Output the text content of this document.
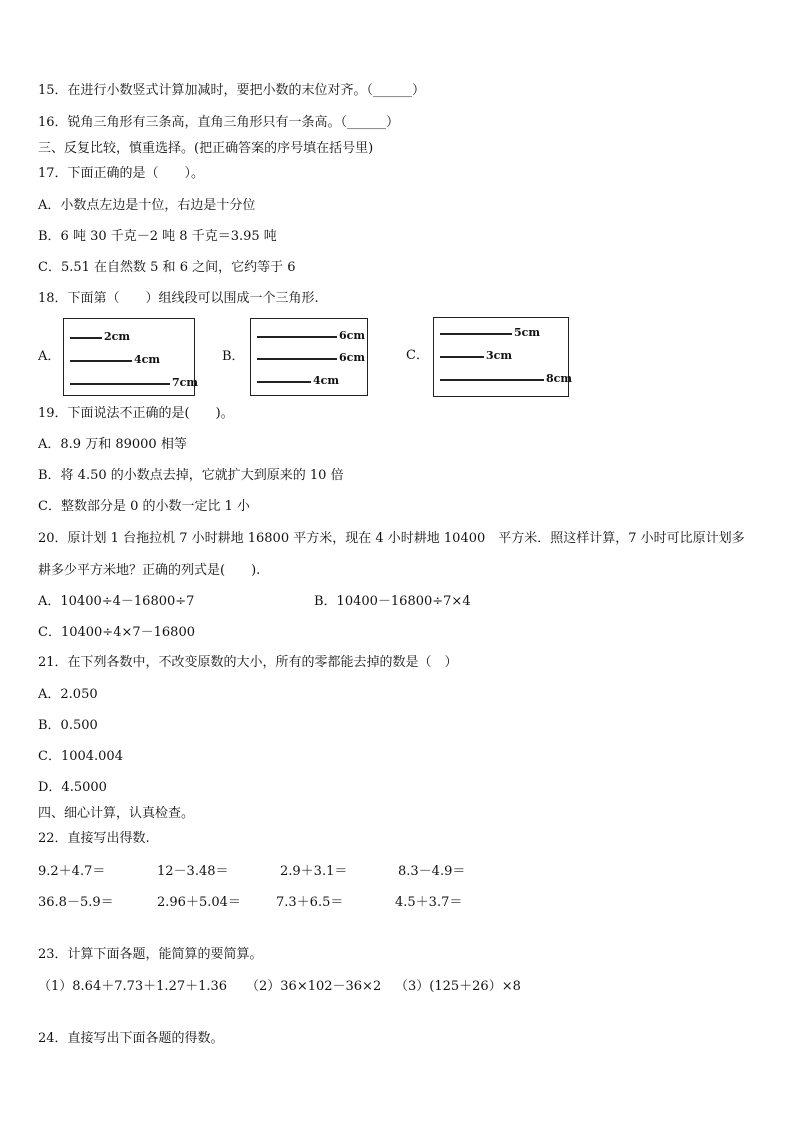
15．在进行小数竖式计算加减时，要把小数的末位对齐。（______）
16．锐角三角形有三条高，直角三角形只有一条高。（______）
三、反复比较，慎重选择。(把正确答案的序号填在括号里)
17．下面正确的是（　　）。
A．小数点左边是十位，右边是十分位
B．6 吨 30 千克－2 吨 8 千克＝3.95 吨
C．5.51 在自然数 5 和 6 之间，它约等于 6
18．下面第（　　）组线段可以围成一个三角形.
A．
2cm
4cm
7cm
B．
6cm
6cm
4cm
C．
5cm
3cm
8cm
19．下面说法不正确的是(　　)。
A．8.9 万和 89000 相等
B．将 4.50 的小数点去掉，它就扩大到原来的 10 倍
C．整数部分是 0 的小数一定比 1 小
20．原计划 1 台拖拉机 7 小时耕地 16800 平方米，现在 4 小时耕地 10400　平方米．照这样计算，7 小时可比原计划多
耕多少平方米地？正确的列式是(　　).
A．10400÷4－16800÷7	B．10400－16800÷7×4
C．10400÷4×7－16800
21．在下列各数中，不改变原数的大小，所有的零都能去掉的数是（　）
A．2.050
B．0.500
C．1004.004
D．4.5000
四、细心计算，认真检查。
22．直接写出得数.
9.2＋4.7＝	12－3.48＝	2.9＋3.1＝	8.3－4.9＝
36.8－5.9＝	2.96＋5.04＝	7.3＋6.5＝	4.5＋3.7＝
23．计算下面各题，能简算的要简算。
（1）8.64＋7.73＋1.27＋1.36 （2）36×102－36×2 （3）(125＋26）×8
24．直接写出下面各题的得数。
